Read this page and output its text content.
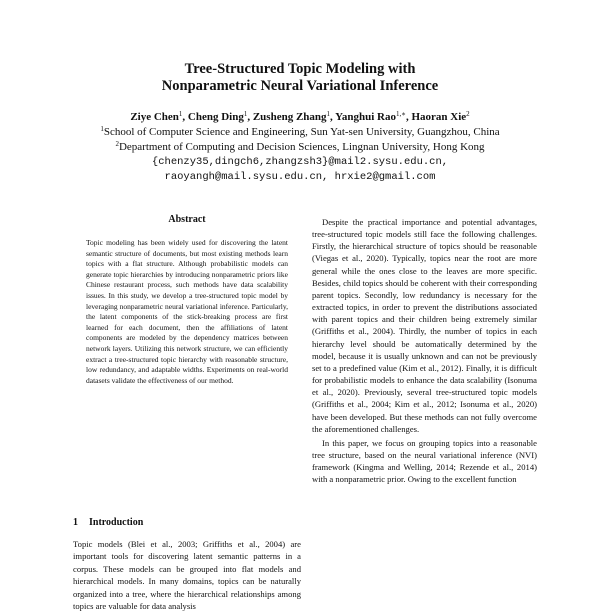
Tree-Structured Topic Modeling with
Nonparametric Neural Variational Inference
Ziye Chen$^1$, Cheng Ding$^1$, Zusheng Zhang$^1$, Yanghui Rao$^{1,∗}$, Haoran Xie$^2$
$^1$School of Computer Science and Engineering, Sun Yat-sen University, Guangzhou, China
$^2$Department of Computing and Decision Sciences, Lingnan University, Hong Kong
{chenzy35,dingch6,zhangzsh3}@mail2.sysu.edu.cn,
raoyangh@mail.sysu.edu.cn, hrxie2@gmail.com
Abstract
Topic modeling has been widely used for discovering the latent semantic structure of documents, but most existing methods learn topics with a flat structure. Although probabilistic models can generate topic hierarchies by introducing nonparametric priors like Chinese restaurant process, such methods have data scalability issues. In this study, we develop a tree-structured topic model by leveraging nonparametric neural variational inference. Particularly, the latent components of the stick-breaking process are first learned for each document, then the affiliations of latent components are modeled by the dependency matrices between network layers. Utilizing this network structure, we can efficiently extract a tree-structured topic hierarchy with reasonable structure, low redundancy, and adaptable widths. Experiments on real-world datasets validate the effectiveness of our method.
1 Introduction
Topic models (Blei et al., 2003; Griffiths et al., 2004) are important tools for discovering latent semantic patterns in a corpus. These models can be grouped into flat models and hierarchical models. In many domains, topics can be naturally organized into a tree, where the hierarchical relationships among topics are valuable for data analysis

Despite the practical importance and potential advantages, tree-structured topic models still face the following challenges. Firstly, the hierarchical structure of topics should be reasonable (Viegas et al., 2020). Typically, topics near the root are more general while the ones close to the leaves are more specific. Besides, child topics should be coherent with their corresponding parent topics. Secondly, low redundancy is necessary for the extracted topics, in order to prevent the distributions associated with parent topics and their children being extremely similar (Griffiths et al., 2004). Thirdly, the number of topics in each hierarchy level should be automatically determined by the model, because it is usually unknown and can not be previously set to a predefined value (Kim et al., 2012). Finally, it is difficult for probabilistic models to enhance the data scalability (Isonuma et al., 2020). Previously, several tree-structured topic models (Griffiths et al., 2004; Kim et al., 2012; Isonuma et al., 2020) have been developed. But these methods can not fully overcome the aforementioned challenges.

In this paper, we focus on grouping topics into a reasonable tree structure, based on the neural variational inference (NVI) framework (Kingma and Welling, 2014; Rezende et al., 2014) with a nonparametric prior. Owing to the excellent function
